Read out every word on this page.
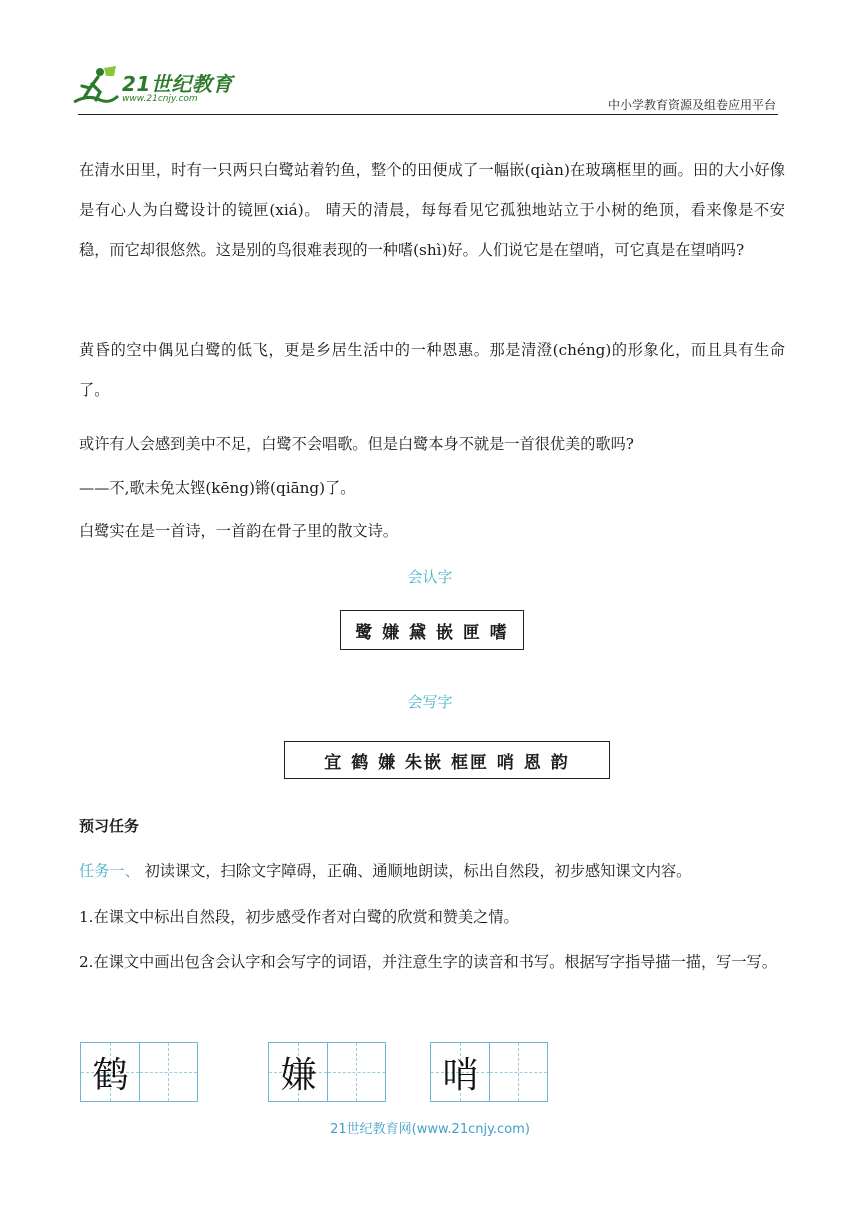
21世纪教育
www.21cnjy.com	中小学教育资源及组卷应用平台

在清水田里，时有一只两只白鹭站着钓鱼，整个的田便成了一幅嵌(qiàn)在玻璃框里的画。田的大小好像是有心人为白鹭设计的镜匣(xiá)。 晴天的清晨，每每看见它孤独地站立于小树的绝顶，看来像是不安稳，而它却很悠然。这是别的鸟很难表现的一种嗜(shì)好。人们说它是在望哨，可它真是在望哨吗?

黄昏的空中偶见白鹭的低飞，更是乡居生活中的一种恩惠。那是清澄(chéng)的形象化，而且具有生命了。

或许有人会感到美中不足，白鹭不会唱歌。但是白鹭本身不就是一首很优美的歌吗?

——不,歌未免太铿(kēng)锵(qiāng)了。

白鹭实在是一首诗，一首韵在骨子里的散文诗。

会认字
鹭 嫌 黛 嵌 匣 嗜
会写字
宜 鹤 嫌 朱嵌 框匣 哨 恩 韵
预习任务

任务一、 初读课文，扫除文字障碍，正确、通顺地朗读，标出自然段，初步感知课文内容。

1.在课文中标出自然段，初步感受作者对白鹭的欣赏和赞美之情。

2.在课文中画出包含会认字和会写字的词语，并注意生字的读音和书写。根据写字指导描一描，写一写。

鹤	嫌	哨
21世纪教育网(www.21cnjy.com)
